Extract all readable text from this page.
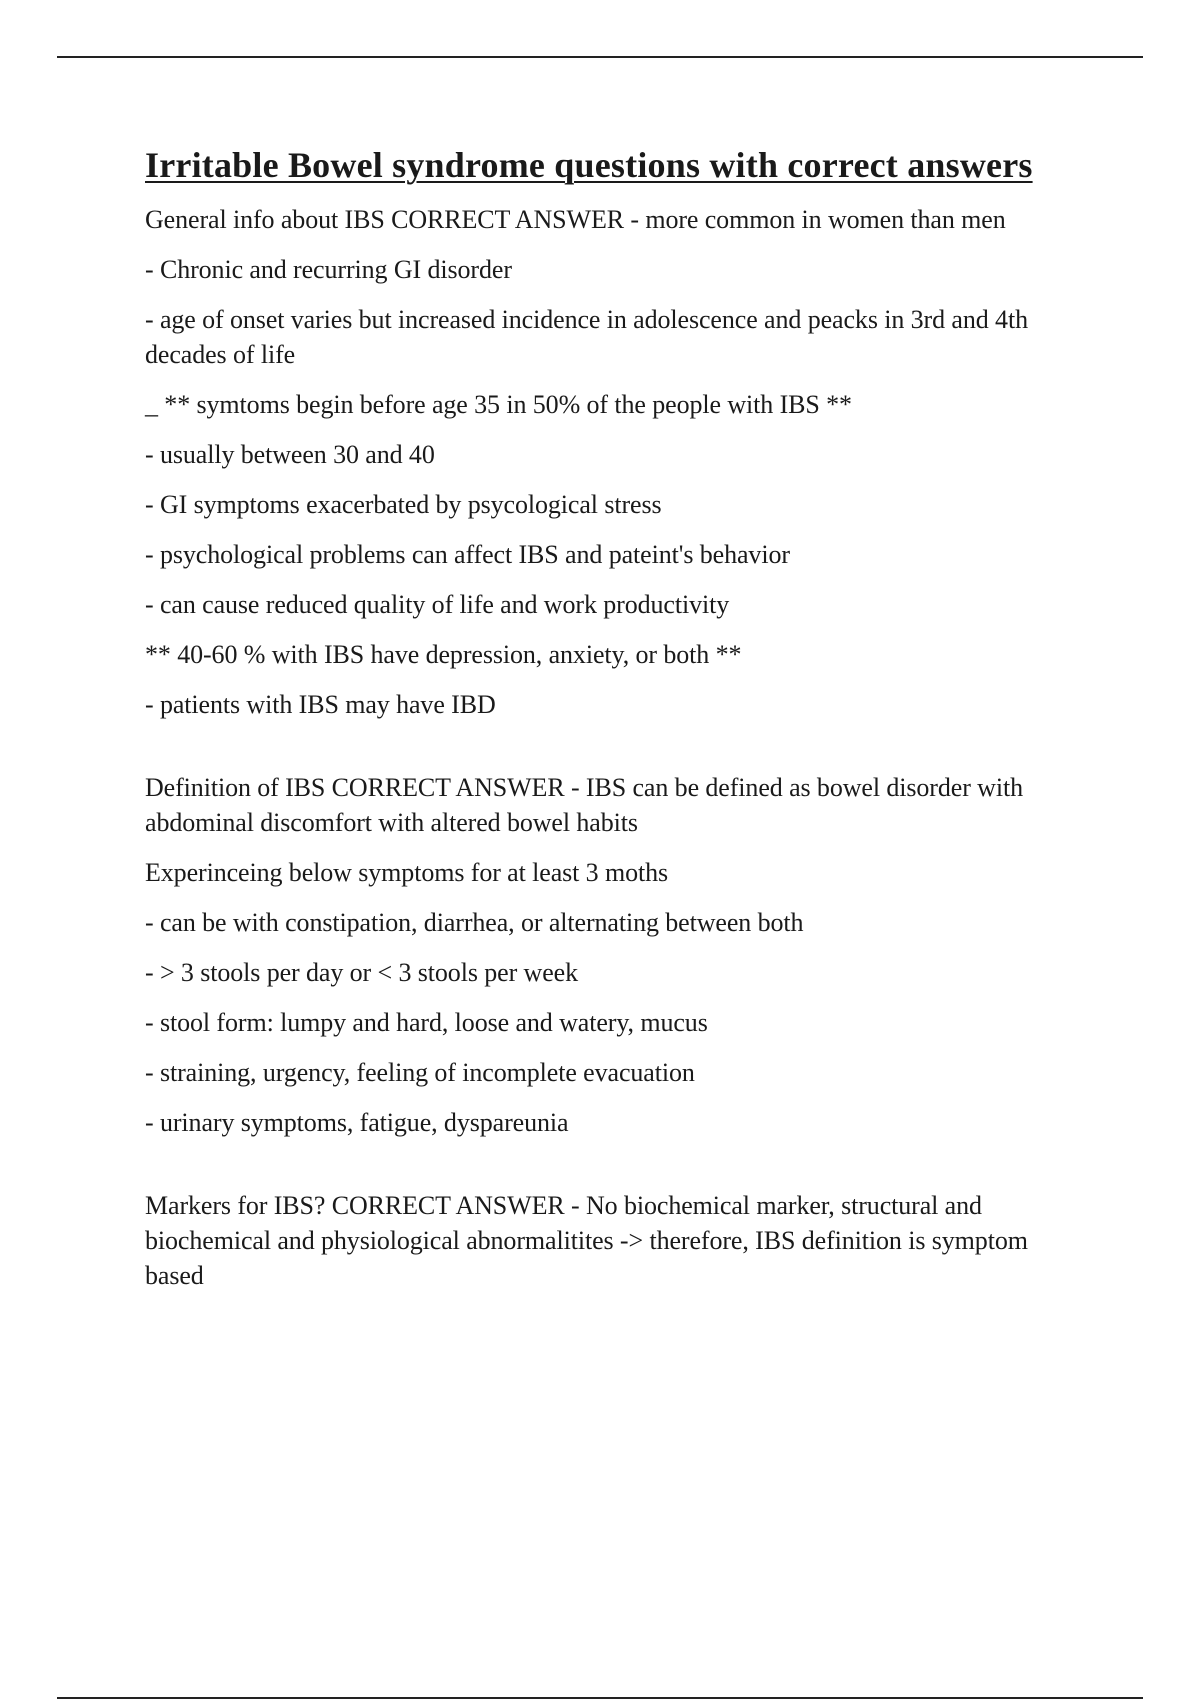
Irritable Bowel syndrome questions with correct answers

General info about IBS CORRECT ANSWER - more common in women than men

- Chronic and recurring GI disorder

- age of onset varies but increased incidence in adolescence and peacks in 3rd and 4th decades of life

_ ** symtoms begin before age 35 in 50% of the people with IBS **

- usually between 30 and 40

- GI symptoms exacerbated by psycological stress

- psychological problems can affect IBS and pateint's behavior

- can cause reduced quality of life and work productivity

** 40-60 % with IBS have depression, anxiety, or both **

- patients with IBS may have IBD

Definition of IBS CORRECT ANSWER - IBS can be defined as bowel disorder with abdominal discomfort with altered bowel habits

Experinceing below symptoms for at least 3 moths

- can be with constipation, diarrhea, or alternating between both

- > 3 stools per day or < 3 stools per week

- stool form: lumpy and hard, loose and watery, mucus

- straining, urgency, feeling of incomplete evacuation

- urinary symptoms, fatigue, dyspareunia

Markers for IBS? CORRECT ANSWER - No biochemical marker, structural and biochemical and physiological abnormalitites -> therefore, IBS definition is symptom based
